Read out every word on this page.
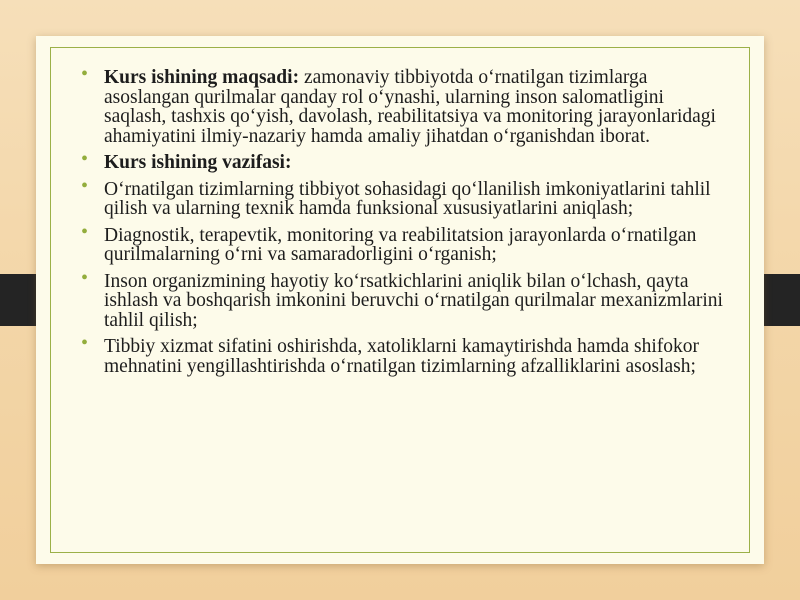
• Kurs ishining maqsadi: zamonaviy tibbiyotda o‘rnatilgan tizimlarga asoslangan qurilmalar qanday rol o‘ynashi, ularning inson salomatligini saqlash, tashxis qo‘yish, davolash, reabilitatsiya va monitoring jarayonlaridagi ahamiyatini ilmiy-nazariy hamda amaliy jihatdan o‘rganishdan iborat.
• Kurs ishining vazifasi:
• O‘rnatilgan tizimlarning tibbiyot sohasidagi qo‘llanilish imkoniyatlarini tahlil qilish va ularning texnik hamda funksional xususiyatlarini aniqlash;
• Diagnostik, terapevtik, monitoring va reabilitatsion jarayonlarda o‘rnatilgan qurilmalarning o‘rni va samaradorligini o‘rganish;
• Inson organizmining hayotiy ko‘rsatkichlarini aniqlik bilan o‘lchash, qayta ishlash va boshqarish imkonini beruvchi o‘rnatilgan qurilmalar mexanizmlarini tahlil qilish;
• Tibbiy xizmat sifatini oshirishda, xatoliklarni kamaytirishda hamda shifokor mehnatini yengillashtirishda o‘rnatilgan tizimlarning afzalliklarini asoslash;
